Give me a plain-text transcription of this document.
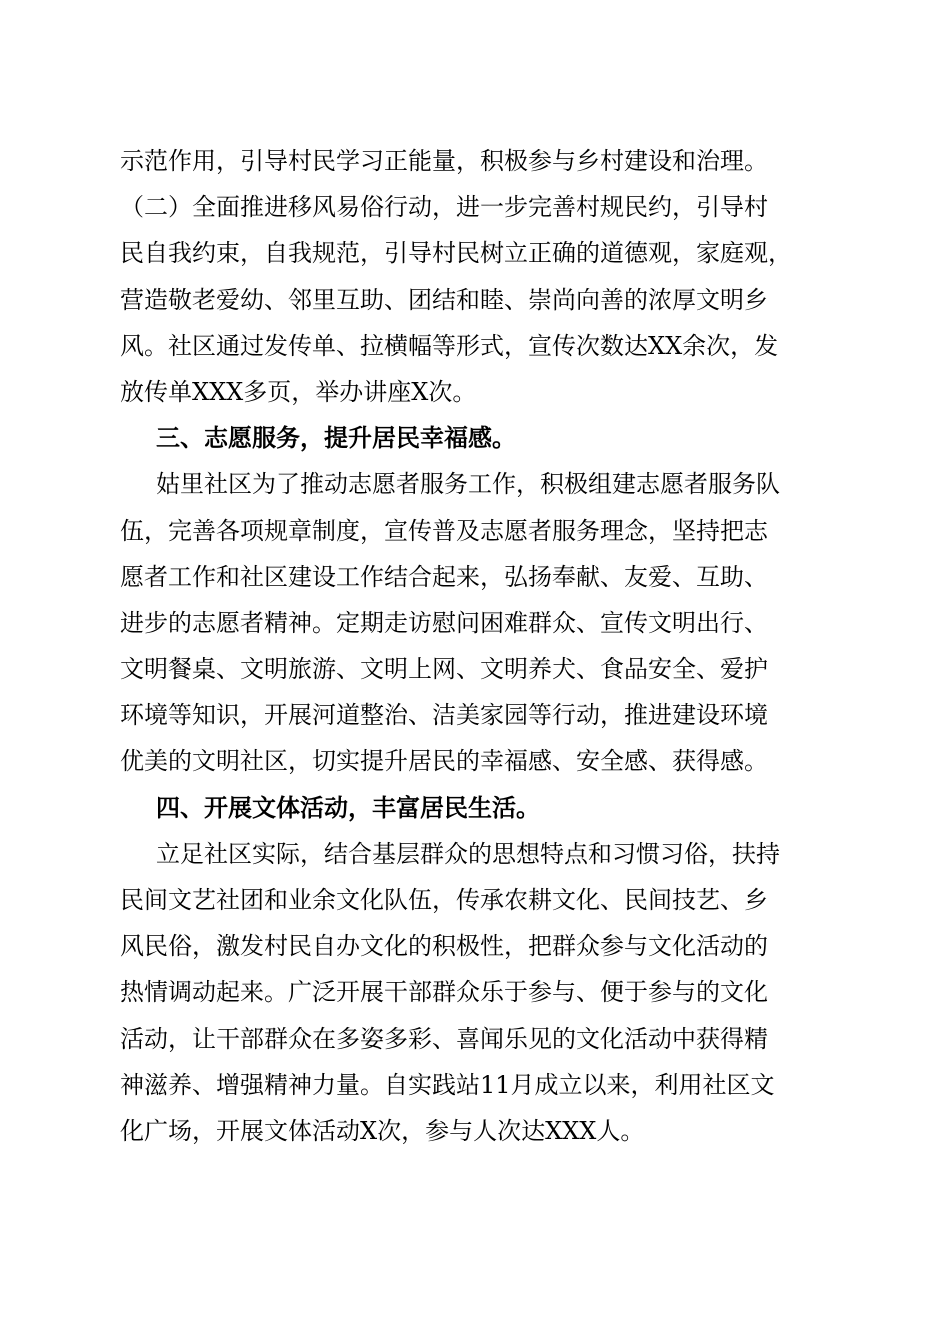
示范作用，引导村民学习正能量，积极参与乡村建设和治理。
（二）全面推进移风易俗行动，进一步完善村规民约，引导村
民自我约束，自我规范，引导村民树立正确的道德观，家庭观，
营造敬老爱幼、邻里互助、团结和睦、崇尚向善的浓厚文明乡
风。社区通过发传单、拉横幅等形式，宣传次数达XX余次，发
放传单XXX多页，举办讲座X次。
三、志愿服务，提升居民幸福感。
姑里社区为了推动志愿者服务工作，积极组建志愿者服务队
伍，完善各项规章制度，宣传普及志愿者服务理念，坚持把志
愿者工作和社区建设工作结合起来，弘扬奉献、友爱、互助、
进步的志愿者精神。定期走访慰问困难群众、宣传文明出行、
文明餐桌、文明旅游、文明上网、文明养犬、食品安全、爱护
环境等知识，开展河道整治、洁美家园等行动，推进建设环境
优美的文明社区，切实提升居民的幸福感、安全感、获得感。
四、开展文体活动，丰富居民生活。
立足社区实际，结合基层群众的思想特点和习惯习俗，扶持
民间文艺社团和业余文化队伍，传承农耕文化、民间技艺、乡
风民俗，激发村民自办文化的积极性，把群众参与文化活动的
热情调动起来。广泛开展干部群众乐于参与、便于参与的文化
活动，让干部群众在多姿多彩、喜闻乐见的文化活动中获得精
神滋养、增强精神力量。自实践站11月成立以来，利用社区文
化广场，开展文体活动X次，参与人次达XXX人。
